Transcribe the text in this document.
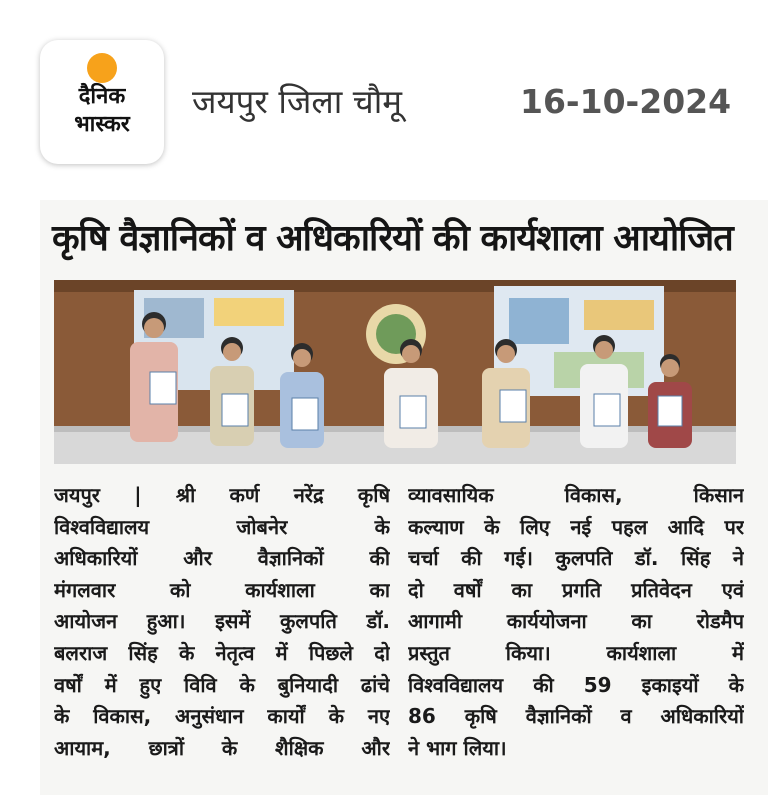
दैनिक
भास्कर
जयपुर जिला चौमू	16-10-2024
कृषि वैज्ञानिकों व अधिकारियों की कार्यशाला आयोजित

जयपुर | श्री कर्ण नरेंद्र कृषि

विश्वविद्यालय जोबनेर के

अधिकारियों और वैज्ञानिकों की

मंगलवार को कार्यशाला का

आयोजन हुआ। इसमें कुलपति डॉ.

बलराज सिंह के नेतृत्व में पिछले दो

वर्षों में हुए विवि के बुनियादी ढांचे

के विकास, अनुसंधान कार्यों के नए

आयाम, छात्रों के शैक्षिक और

व्यावसायिक विकास, किसान

कल्याण के लिए नई पहल आदि पर

चर्चा की गई। कुलपति डॉ. सिंह ने

दो वर्षों का प्रगति प्रतिवेदन एवं

आगामी कार्ययोजना का रोडमैप

प्रस्तुत किया। कार्यशाला में

विश्वविद्यालय की 59 इकाइयों के

86 कृषि वैज्ञानिकों व अधिकारियों

ने भाग लिया।
